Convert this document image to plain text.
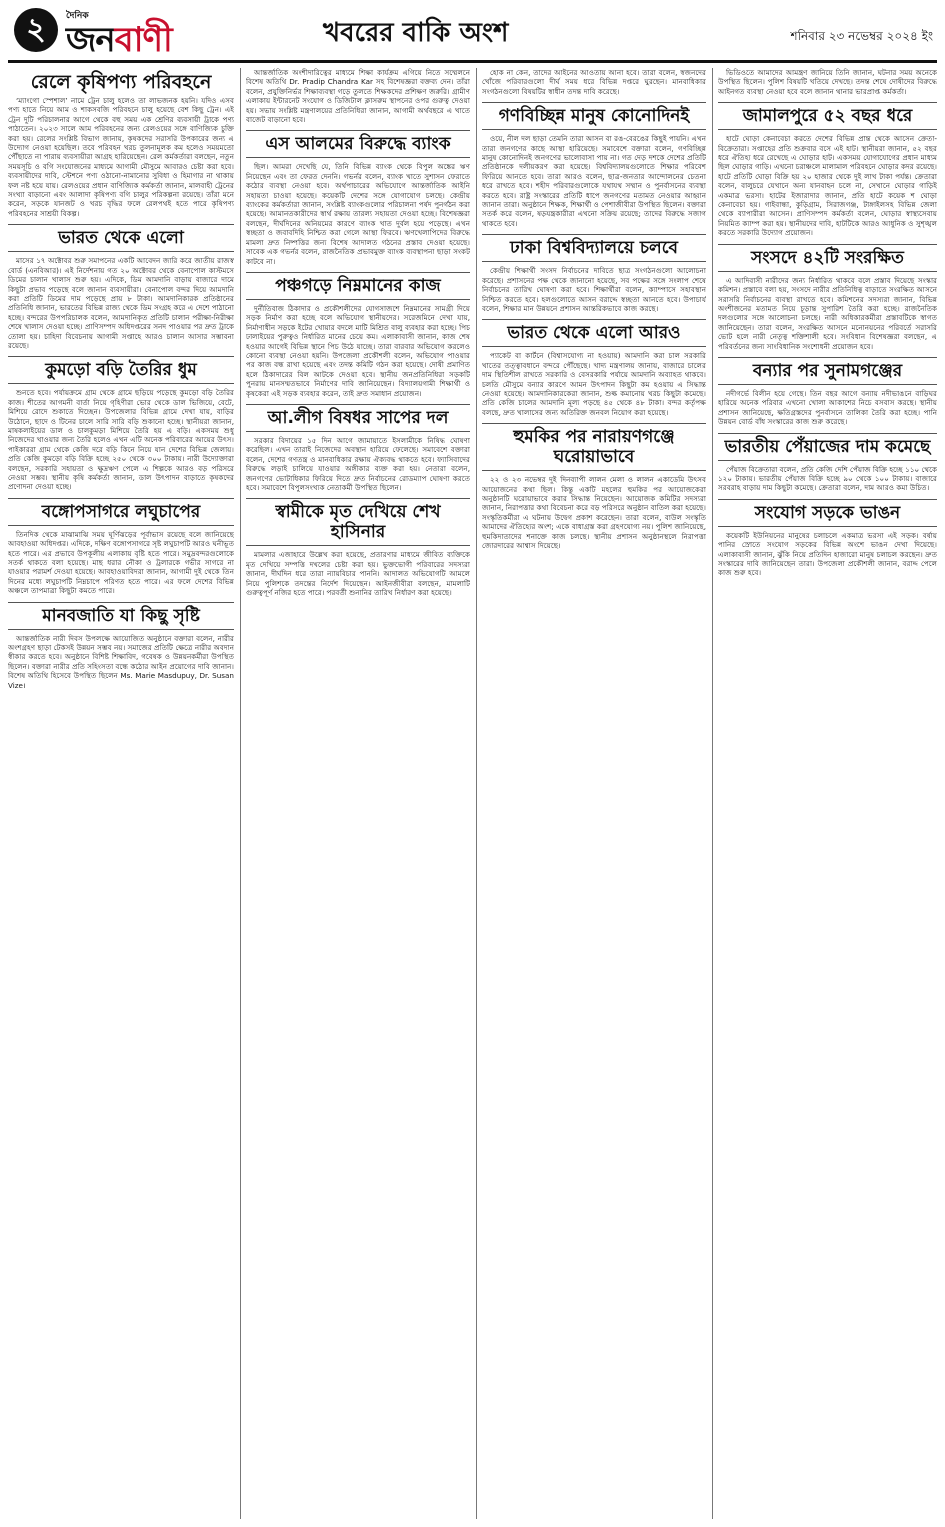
২	দৈনিক
জনবাণী	খবরের বাকি অংশ	শনিবার ২৩ নভেম্বর ২০২৪ ইং
রেলে কৃষিপণ্য পরিবহনে

‘ম্যাংগো স্পেশাল’ নামে ট্রেন চালু হলেও তা লাভজনক হয়নি। যদিও এসব পণ্য হাতে নিয়ে আম ও শাকসবজি পরিবহনে চালু হয়েছে বেশ কিছু ট্রেন। এই ট্রেন দুটি পরিচালনার আগে থেকে বহু সময় এক শ্রেণির ব্যবসায়ী ট্রাকে পণ্য পাঠাতেন। ২০২৩ সালে আম পরিবহনের জন্য রেলওয়ের সঙ্গে বাণিজ্যিক চুক্তি করা হয়। রেলের সংশ্লিষ্ট বিভাগ জানায়, কৃষকদের সরাসরি উপকারের জন্য এ উদ্যোগ নেওয়া হয়েছিল। তবে পরিবহন খরচ তুলনামূলক কম হলেও সময়মতো পৌঁছাতে না পারায় ব্যবসায়ীরা আগ্রহ হারিয়েছেন। রেল কর্মকর্তারা বলছেন, নতুন সময়সূচি ও বগি সংযোজনের মাধ্যমে আগামী মৌসুমে আবারও চেষ্টা করা হবে। ব্যবসায়ীদের দাবি, স্টেশনে পণ্য ওঠানো-নামানোর সুবিধা ও হিমাগার না থাকায় ফল নষ্ট হয়ে যায়। রেলওয়ের প্রধান বাণিজ্যিক কর্মকর্তা জানান, মালবাহী ট্রেনের সংখ্যা বাড়ানো এবং আলাদা কৃষিপণ্য বগি চালুর পরিকল্পনা রয়েছে। তাঁরা মনে করেন, সড়কে যানজট ও খরচ বৃদ্ধির ফলে রেলপথই হতে পারে কৃষিপণ্য পরিবহনের সাশ্রয়ী বিকল্প।

ভারত থেকে এলো

মাসের ১৭ অক্টোবর শুরু সমাপনের একটি আবেদন জারি করে জাতীয় রাজস্ব বোর্ড (এনবিআর)। এই নির্দেশনায় গত ২০ অক্টোবর থেকে বেনাপোল কাস্টমসে ডিমের চালান খালাস শুরু হয়। এদিকে, ডিম আমদানি বাড়ায় বাজারে দামে কিছুটা প্রভাব পড়েছে বলে জানান ব্যবসায়ীরা। বেনাপোল বন্দর দিয়ে আমদানি করা প্রতিটি ডিমের দাম পড়েছে প্রায় ৮ টাকা। আমদানিকারক প্রতিষ্ঠানের প্রতিনিধি জানান, ভারতের বিভিন্ন রাজ্য থেকে ডিম সংগ্রহ করে এ দেশে পাঠানো হচ্ছে। বন্দরের উপপরিচালক বলেন, আমদানিকৃত প্রতিটি চালান পরীক্ষা-নিরীক্ষা শেষে খালাস দেওয়া হচ্ছে। প্রাণিসম্পদ অধিদপ্তরের সনদ পাওয়ার পর দ্রুত ট্রাকে তোলা হয়। চাহিদা বিবেচনায় আগামী সপ্তাহে আরও চালান আসার সম্ভাবনা রয়েছে।

কুমড়ো বড়ি তৈরির ধুম

শুনতে হবে। পর্যায়ক্রমে গ্রাম থেকে গ্রামে ছড়িয়ে পড়েছে কুমড়ো বড়ি তৈরির কাজ। শীতের আগমনী বার্তা নিয়ে গৃহিণীরা ভোর থেকে ডাল ভিজিয়ে, বেটে, মিশিয়ে রোদে শুকাতে দিচ্ছেন। উপজেলার বিভিন্ন গ্রামে দেখা যায়, বাড়ির উঠোনে, ছাদে ও টিনের চালে সারি সারি বড়ি শুকানো হচ্ছে। স্থানীয়রা জানান, মাষকলাইয়ের ডাল ও চালকুমড়া মিশিয়ে তৈরি হয় এ বড়ি। একসময় শুধু নিজেদের খাওয়ার জন্য তৈরি হলেও এখন এটি অনেক পরিবারের আয়ের উৎস। পাইকাররা গ্রাম থেকে কেজি দরে বড়ি কিনে নিয়ে যান দেশের বিভিন্ন জেলায়। প্রতি কেজি কুমড়ো বড়ি বিক্রি হচ্ছে ২৫০ থেকে ৩০০ টাকায়। নারী উদ্যোক্তারা বলছেন, সরকারি সহায়তা ও ক্ষুদ্রঋণ পেলে এ শিল্পকে আরও বড় পরিসরে নেওয়া সম্ভব। স্থানীয় কৃষি কর্মকর্তা জানান, ডাল উৎপাদন বাড়াতে কৃষকদের প্রণোদনা দেওয়া হচ্ছে।

বঙ্গোপসাগরে লঘুচাপের

তিনদিক থেকে মাঝামাঝি সময় ঘূর্ণিঝড়ের পূর্বাভাস রয়েছে বলে জানিয়েছে আবহাওয়া অধিদপ্তর। এদিকে, দক্ষিণ বঙ্গোপসাগরে সৃষ্ট লঘুচাপটি আরও ঘনীভূত হতে পারে। এর প্রভাবে উপকূলীয় এলাকায় বৃষ্টি হতে পারে। সমুদ্রবন্দরগুলোকে সতর্ক থাকতে বলা হয়েছে। মাছ ধরার নৌকা ও ট্রলারকে গভীর সাগরে না যাওয়ার পরামর্শ দেওয়া হয়েছে। আবহাওয়াবিদরা জানান, আগামী দুই থেকে তিন দিনের মধ্যে লঘুচাপটি নিম্নচাপে পরিণত হতে পারে। এর ফলে দেশের বিভিন্ন অঞ্চলে তাপমাত্রা কিছুটা কমতে পারে।

মানবজাতি যা কিছু সৃষ্টি

আন্তর্জাতিক নারী দিবস উপলক্ষে আয়োজিত অনুষ্ঠানে বক্তারা বলেন, নারীর অংশগ্রহণ ছাড়া টেকসই উন্নয়ন সম্ভব নয়। সমাজের প্রতিটি ক্ষেত্রে নারীর অবদান স্বীকার করতে হবে। অনুষ্ঠানে বিশিষ্ট শিক্ষাবিদ, গবেষক ও উন্নয়নকর্মীরা উপস্থিত ছিলেন। বক্তারা নারীর প্রতি সহিংসতা বন্ধে কঠোর আইন প্রয়োগের দাবি জানান। বিশেষ অতিথি হিসেবে উপস্থিত ছিলেন Ms. Marie Masdupuy, Dr. Susan Vize।

আন্তর্জাতিক অংশীদারিত্বের মাধ্যমে শিক্ষা কার্যক্রম এগিয়ে নিতে সম্মেলনে বিশেষ অতিথি Dr. Pradip Chandra Kar সহ বিশেষজ্ঞরা বক্তব্য দেন। তাঁরা বলেন, প্রযুক্তিনির্ভর শিক্ষাব্যবস্থা গড়ে তুলতে শিক্ষকদের প্রশিক্ষণ জরুরি। গ্রামীণ এলাকায় ইন্টারনেট সংযোগ ও ডিজিটাল ক্লাসরুম স্থাপনের ওপর গুরুত্ব দেওয়া হয়। সভায় সংশ্লিষ্ট মন্ত্রণালয়ের প্রতিনিধিরা জানান, আগামী অর্থবছরে এ খাতে বাজেট বাড়ানো হবে।

এস আলমের বিরুদ্ধে ব্যাংক

ছিল। আমরা দেখেছি যে, তিনি বিভিন্ন ব্যাংক থেকে বিপুল অঙ্কের ঋণ নিয়েছেন এবং তা ফেরত দেননি। গভর্নর বলেন, ব্যাংক খাতে সুশাসন ফেরাতে কঠোর ব্যবস্থা নেওয়া হবে। অর্থপাচারের অভিযোগে আন্তর্জাতিক আইনি সহায়তা চাওয়া হয়েছে। কয়েকটি দেশের সঙ্গে যোগাযোগ চলছে। কেন্দ্রীয় ব্যাংকের কর্মকর্তারা জানান, সংশ্লিষ্ট ব্যাংকগুলোর পরিচালনা পর্ষদ পুনর্গঠন করা হয়েছে। আমানতকারীদের স্বার্থ রক্ষায় তারল্য সহায়তা দেওয়া হচ্ছে। বিশেষজ্ঞরা বলছেন, দীর্ঘদিনের অনিয়মের কারণে ব্যাংক খাত দুর্বল হয়ে পড়েছে। এখন স্বচ্ছতা ও জবাবদিহি নিশ্চিত করা গেলে আস্থা ফিরবে। ঋণখেলাপিদের বিরুদ্ধে মামলা দ্রুত নিষ্পত্তির জন্য বিশেষ আদালত গঠনের প্রস্তাব দেওয়া হয়েছে। সাবেক এক গভর্নর বলেন, রাজনৈতিক প্রভাবমুক্ত ব্যাংক ব্যবস্থাপনা ছাড়া সংকট কাটবে না।

পঞ্চগড়ে নিম্নমানের কাজ

দুর্নীতিবাজ ঠিকাদার ও প্রকৌশলীদের যোগসাজশে নিম্নমানের সামগ্রী দিয়ে সড়ক নির্মাণ করা হচ্ছে বলে অভিযোগ স্থানীয়দের। সরেজমিনে দেখা যায়, নির্মাণাধীন সড়কে ইটের খোয়ার বদলে মাটি মিশ্রিত বালু ব্যবহার করা হচ্ছে। পিচ ঢালাইয়ের পুরুত্বও নির্ধারিত মানের চেয়ে কম। এলাকাবাসী জানান, কাজ শেষ হওয়ার আগেই বিভিন্ন স্থানে পিচ উঠে যাচ্ছে। তারা বারবার অভিযোগ করলেও কোনো ব্যবস্থা নেওয়া হয়নি। উপজেলা প্রকৌশলী বলেন, অভিযোগ পাওয়ার পর কাজ বন্ধ রাখা হয়েছে এবং তদন্ত কমিটি গঠন করা হয়েছে। দোষী প্রমাণিত হলে ঠিকাদারের বিল আটকে দেওয়া হবে। স্থানীয় জনপ্রতিনিধিরা সড়কটি পুনরায় মানসম্মতভাবে নির্মাণের দাবি জানিয়েছেন। বিদ্যালয়গামী শিক্ষার্থী ও কৃষকেরা এই সড়ক ব্যবহার করেন, তাই দ্রুত সমাধান প্রয়োজন।

আ.লীগ বিষধর সাপের দল

সরকার বিদায়ের ১৫ দিন আগে জামায়াতে ইসলামীকে নিষিদ্ধ ঘোষণা করেছিল। এখন তারাই নিজেদের অবস্থান হারিয়ে ফেলেছে। সমাবেশে বক্তারা বলেন, দেশের গণতন্ত্র ও মানবাধিকার রক্ষায় ঐক্যবদ্ধ থাকতে হবে। ফ্যাসিবাদের বিরুদ্ধে লড়াই চালিয়ে যাওয়ার অঙ্গীকার ব্যক্ত করা হয়। নেতারা বলেন, জনগণের ভোটাধিকার ফিরিয়ে দিতে দ্রুত নির্বাচনের রোডম্যাপ ঘোষণা করতে হবে। সমাবেশে বিপুলসংখ্যক নেতাকর্মী উপস্থিত ছিলেন।

স্বামীকে মৃত দেখিয়ে শেখ হাসিনার

মামলার এজাহারে উল্লেখ করা হয়েছে, প্রতারণার মাধ্যমে জীবিত ব্যক্তিকে মৃত দেখিয়ে সম্পত্তি দখলের চেষ্টা করা হয়। ভুক্তভোগী পরিবারের সদস্যরা জানান, দীর্ঘদিন ধরে তারা ন্যায়বিচার পাননি। আদালত অভিযোগটি আমলে নিয়ে পুলিশকে তদন্তের নির্দেশ দিয়েছেন। আইনজীবীরা বলছেন, মামলাটি গুরুত্বপূর্ণ নজির হতে পারে। পরবর্তী শুনানির তারিখ নির্ধারণ করা হয়েছে।

হোক না কেন, তাদের আইনের আওতায় আনা হবে। তারা বলেন, স্বজনদের খোঁজে পরিবারগুলো দীর্ঘ সময় ধরে বিভিন্ন দপ্তরে ঘুরছেন। মানবাধিকার সংগঠনগুলো বিষয়টির স্বাধীন তদন্ত দাবি করেছে।

গণবিচ্ছিন্ন মানুষ কোনোদিনই

ওয়ে, নীল দল ছাড়া তেমনি তারা আসন বা রঙ-বেরঙের কিছুই পায়নি। এখন তারা জনগণের কাছে আস্থা হারিয়েছে। সমাবেশে বক্তারা বলেন, গণবিচ্ছিন্ন মানুষ কোনোদিনই জনগণের ভালোবাসা পায় না। গত দেড় দশকে দেশের প্রতিটি প্রতিষ্ঠানকে দলীয়করণ করা হয়েছে। বিশ্ববিদ্যালয়গুলোতে শিক্ষার পরিবেশ ফিরিয়ে আনতে হবে। তারা আরও বলেন, ছাত্র-জনতার আন্দোলনের চেতনা ধরে রাখতে হবে। শহীদ পরিবারগুলোকে যথাযথ সম্মান ও পুনর্বাসনের ব্যবস্থা করতে হবে। রাষ্ট্র সংস্কারের প্রতিটি ধাপে জনগণের মতামত নেওয়ার আহ্বান জানান তারা। অনুষ্ঠানে শিক্ষক, শিক্ষার্থী ও পেশাজীবীরা উপস্থিত ছিলেন। বক্তারা সতর্ক করে বলেন, ষড়যন্ত্রকারীরা এখনো সক্রিয় রয়েছে; তাদের বিরুদ্ধে সজাগ থাকতে হবে।

ঢাকা বিশ্ববিদ্যালয়ে চলবে

কেন্দ্রীয় শিক্ষার্থী সংসদ নির্বাচনের দাবিতে ছাত্র সংগঠনগুলো আলোচনা করেছে। প্রশাসনের পক্ষ থেকে জানানো হয়েছে, সব পক্ষের সঙ্গে সংলাপ শেষে নির্বাচনের তারিখ ঘোষণা করা হবে। শিক্ষার্থীরা বলেন, ক্যাম্পাসে সহাবস্থান নিশ্চিত করতে হবে। হলগুলোতে আসন বরাদ্দে স্বচ্ছতা আনতে হবে। উপাচার্য বলেন, শিক্ষার মান উন্নয়নে প্রশাসন আন্তরিকভাবে কাজ করছে।

ভারত থেকে এলো আরও

প্যাকেট বা কার্টনে (বিশ্বাসযোগ্য না হওয়ায়) আমদানি করা চাল সরকারি খাতের তত্ত্বাবধানে বন্দরে পৌঁছেছে। খাদ্য মন্ত্রণালয় জানায়, বাজারে চালের দাম স্থিতিশীল রাখতে সরকারি ও বেসরকারি পর্যায়ে আমদানি অব্যাহত থাকবে। চলতি মৌসুমে বন্যার কারণে আমন উৎপাদন কিছুটা কম হওয়ায় এ সিদ্ধান্ত নেওয়া হয়েছে। আমদানিকারকেরা জানান, শুল্ক কমানোয় খরচ কিছুটা কমেছে। প্রতি কেজি চালের আমদানি মূল্য পড়ছে ৪৫ থেকে ৪৮ টাকা। বন্দর কর্তৃপক্ষ বলছে, দ্রুত খালাসের জন্য অতিরিক্ত জনবল নিয়োগ করা হয়েছে।

হুমকির পর নারায়ণগঞ্জে ঘরোয়াভাবে

২২ ও ২৩ নভেম্বর দুই দিনব্যাপী লালন মেলা ও লালন একাডেমি উৎসব আয়োজনের কথা ছিল। কিন্তু একটি মহলের হুমকির পর আয়োজকেরা অনুষ্ঠানটি ঘরোয়াভাবে করার সিদ্ধান্ত নিয়েছেন। আয়োজক কমিটির সদস্যরা জানান, নিরাপত্তার কথা বিবেচনা করে বড় পরিসরে অনুষ্ঠান বাতিল করা হয়েছে। সংস্কৃতিকর্মীরা এ ঘটনায় উদ্বেগ প্রকাশ করেছেন। তারা বলেন, বাউল সংস্কৃতি আমাদের ঐতিহ্যের অংশ; একে বাধাগ্রস্ত করা গ্রহণযোগ্য নয়। পুলিশ জানিয়েছে, হুমকিদাতাদের শনাক্তে কাজ চলছে। স্থানীয় প্রশাসন অনুষ্ঠানস্থলে নিরাপত্তা জোরদারের আশ্বাস দিয়েছে।

ভিডিওতে আমাদের আমন্ত্রণ জানিয়ে তিনি জানান, ঘটনার সময় অনেকে উপস্থিত ছিলেন। পুলিশ বিষয়টি খতিয়ে দেখছে। তদন্ত শেষে দোষীদের বিরুদ্ধে আইনগত ব্যবস্থা নেওয়া হবে বলে জানান থানার ভারপ্রাপ্ত কর্মকর্তা।

জামালপুরে ৫২ বছর ধরে

হাটে ঘোড়া কেনাবেচা করতে দেশের বিভিন্ন প্রান্ত থেকে আসেন ক্রেতা-বিক্রেতারা। সপ্তাহের প্রতি শুক্রবার বসে এই হাট। স্থানীয়রা জানান, ৫২ বছর ধরে ঐতিহ্য ধরে রেখেছে এ ঘোড়ার হাট। একসময় যোগাযোগের প্রধান মাধ্যম ছিল ঘোড়ার গাড়ি। এখনো চরাঞ্চলে মালামাল পরিবহনে ঘোড়ার কদর রয়েছে। হাটে প্রতিটি ঘোড়া বিক্রি হয় ২০ হাজার থেকে দুই লাখ টাকা পর্যন্ত। ক্রেতারা বলেন, বালুচরে যেখানে অন্য যানবাহন চলে না, সেখানে ঘোড়ার গাড়িই একমাত্র ভরসা। হাটের ইজারাদার জানান, প্রতি হাটে কয়েক শ ঘোড়া কেনাবেচা হয়। গাইবান্ধা, কুড়িগ্রাম, সিরাজগঞ্জ, টাঙ্গাইলসহ বিভিন্ন জেলা থেকে ব্যাপারীরা আসেন। প্রাণিসম্পদ কর্মকর্তা বলেন, ঘোড়ার স্বাস্থ্যসেবায় নিয়মিত ক্যাম্প করা হয়। স্থানীয়দের দাবি, হাটটিকে আরও আধুনিক ও সুশৃঙ্খল করতে সরকারি উদ্যোগ প্রয়োজন।

সংসদে ৪২টি সংরক্ষিত

এ আদিবাসী নারীদের জন্য নির্ধারিত থাকবে বলে প্রস্তাব দিয়েছে সংস্কার কমিশন। প্রস্তাবে বলা হয়, সংসদে নারীর প্রতিনিধিত্ব বাড়াতে সংরক্ষিত আসনে সরাসরি নির্বাচনের ব্যবস্থা রাখতে হবে। কমিশনের সদস্যরা জানান, বিভিন্ন অংশীজনের মতামত নিয়ে চূড়ান্ত সুপারিশ তৈরি করা হচ্ছে। রাজনৈতিক দলগুলোর সঙ্গে আলোচনা চলছে। নারী অধিকারকর্মীরা প্রস্তাবটিকে স্বাগত জানিয়েছেন। তারা বলেন, সংরক্ষিত আসনে মনোনয়নের পরিবর্তে সরাসরি ভোট হলে নারী নেতৃত্ব শক্তিশালী হবে। সংবিধান বিশেষজ্ঞরা বলছেন, এ পরিবর্তনের জন্য সাংবিধানিক সংশোধনী প্রয়োজন হবে।

বন্যার পর সুনামগঞ্জের

নদীগর্ভে বিলীন হয়ে গেছে। তিন বছর আগে বন্যায় নদীভাঙনে বাড়িঘর হারিয়ে অনেক পরিবার এখনো খোলা আকাশের নিচে বসবাস করছে। স্থানীয় প্রশাসন জানিয়েছে, ক্ষতিগ্রস্তদের পুনর্বাসনে তালিকা তৈরি করা হচ্ছে। পানি উন্নয়ন বোর্ড বাঁধ সংস্কারের কাজ শুরু করেছে।

ভারতীয় পেঁয়াজের দাম কমেছে

পেঁয়াজ বিক্রেতারা বলেন, প্রতি কেজি দেশি পেঁয়াজ বিক্রি হচ্ছে ১১০ থেকে ১২০ টাকায়। ভারতীয় পেঁয়াজ বিক্রি হচ্ছে ৯০ থেকে ১০০ টাকায়। বাজারে সরবরাহ বাড়ায় দাম কিছুটা কমেছে। ক্রেতারা বলেন, দাম আরও কমা উচিত।

সংযোগ সড়কে ভাঙন

কয়েকটি ইউনিয়নের মানুষের চলাচলে একমাত্র ভরসা এই সড়ক। বর্ষায় পানির স্রোতে সংযোগ সড়কের বিভিন্ন অংশে ভাঙন দেখা দিয়েছে। এলাকাবাসী জানান, ঝুঁকি নিয়ে প্রতিদিন হাজারো মানুষ চলাচল করছেন। দ্রুত সংস্কারের দাবি জানিয়েছেন তারা। উপজেলা প্রকৌশলী জানান, বরাদ্দ পেলে কাজ শুরু হবে।
